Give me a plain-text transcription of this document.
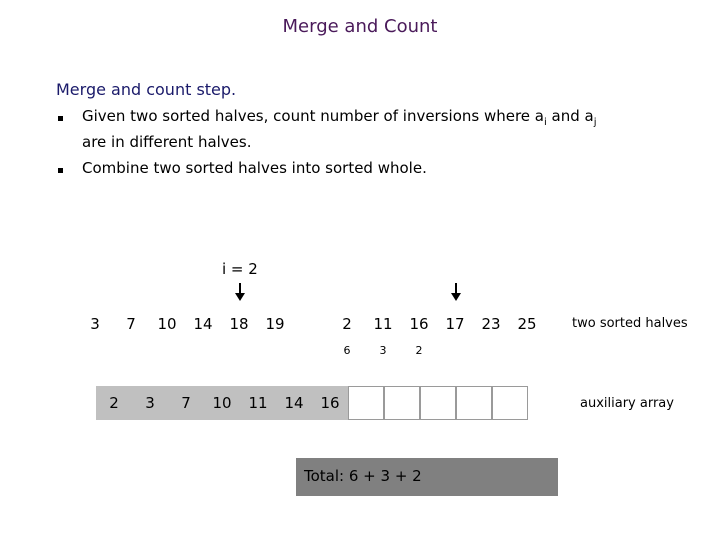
Merge and Count
Merge and count step.
Given two sorted halves, count number of inversions where $a_i$ and $a_j$
are in different halves.
Combine two sorted halves into sorted whole.
i = 2
3	7	10	14	18	19	2	11	16	17	23	25
6	3	2
two sorted halves
2	3	7	10	11	14	16	auxiliary array
Total: 6 + 3 + 2
